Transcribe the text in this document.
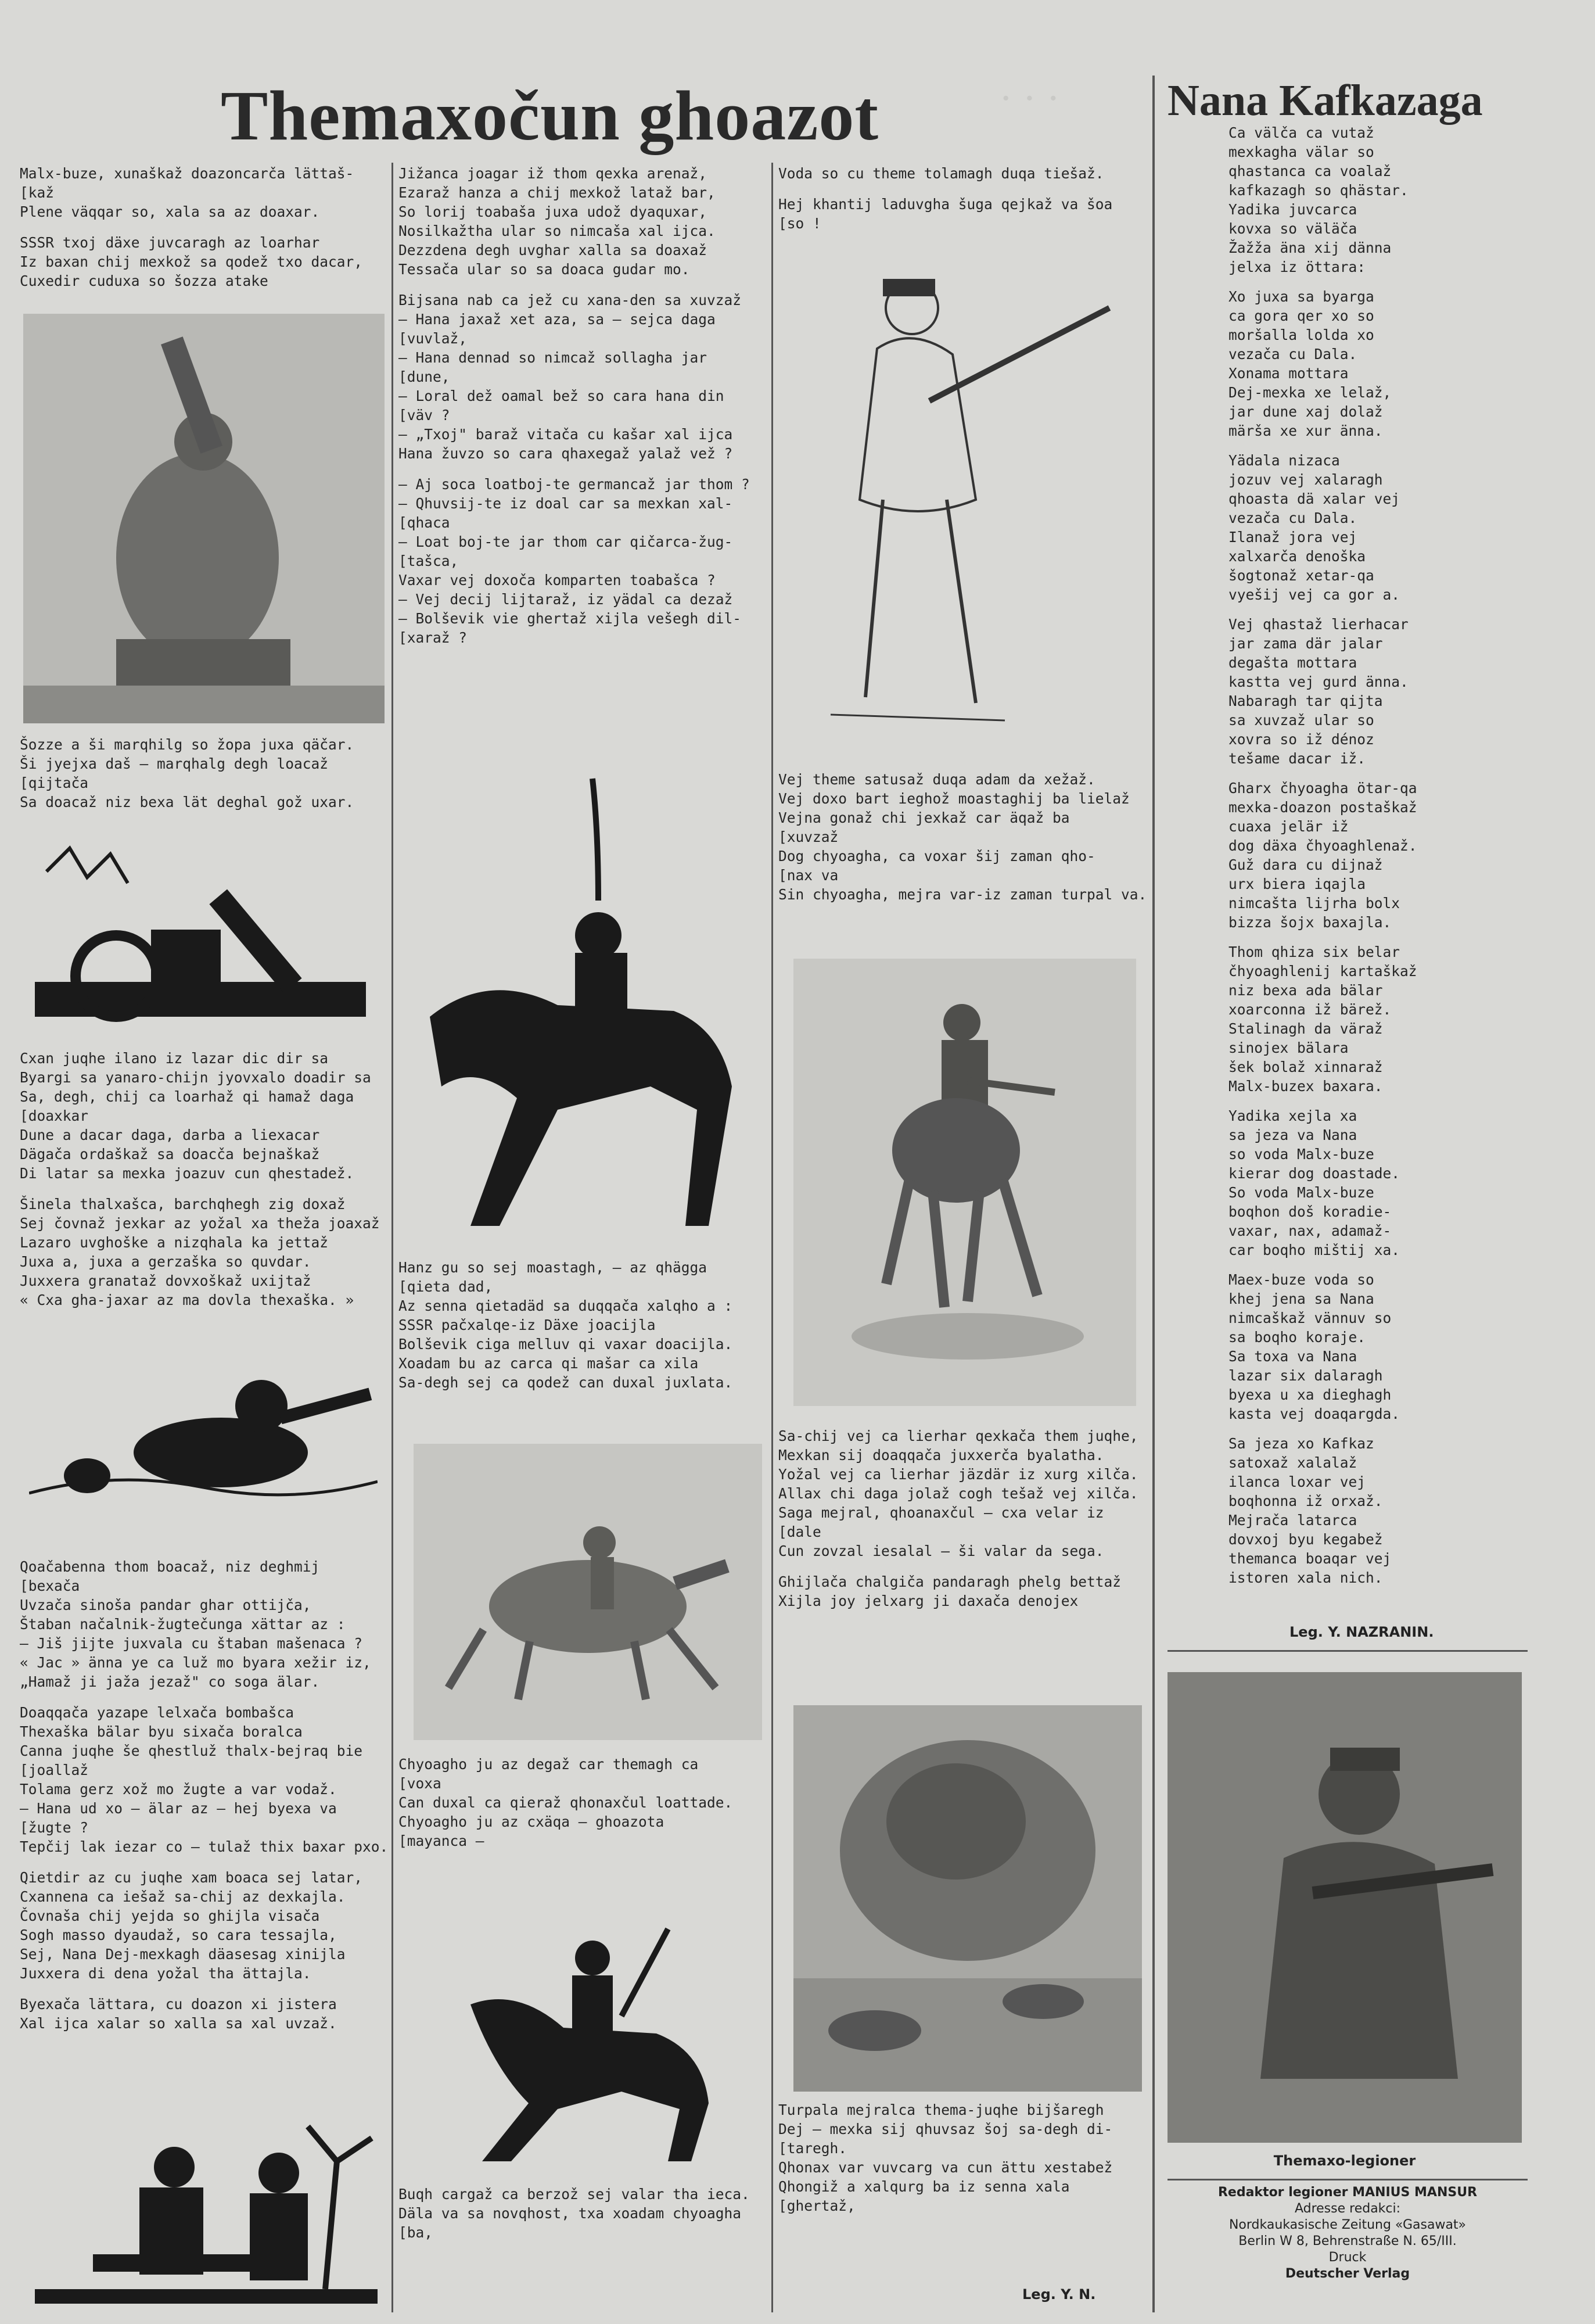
· · ·
Themaxočun ghoazot	Nana Kafkazaga

Malx-buze, xunaškaž doazoncarča lättaš-
[kaž
Plene väqqar so, xala sa az doaxar.

SSSR txoj däxe juvcaragh az loarhar
Iz baxan chij mexkož sa qodež txo dacar,
Cuxedir cuduxa so šozza atake

Šozze a ši marqhilg so žopa juxa qäčar.
Ši jyejxa daš — marqhalg degh loacaž
[qijtača
Sa doacaž niz bexa lät deghal gož uxar.

Cxan juqhe ilano iz lazar dic dir sa
Byargi sa yanaro-chijn jyovxalo doadir sa
Sa, degh, chij ca loarhaž qi hamaž daga
[doaxkar
Dune a dacar daga, darba a liexacar
Dägača ordaškaž sa doacča bejnaškaž
Di latar sa mexka joazuv cun qhestadež.

Šinela thalxašca, barchqhegh zig doxaž
Sej čovnaž jexkar az yožal xa theža joaxaž
Lazaro uvghoške a nizqhala ka jettaž
Juxa a, juxa a gerzaška so quvdar.
Juxxera granataž dovxoškaž uxijtaž
« Cxa gha-jaxar az ma dovla theхaška. »

Qoačabenna thom boacaž, niz deghmij
[bexača
Uvzača sinoša pandar ghar ottijča,
Štaban načalnik-žugtečunga xättar az :
— Jiš jijte juxvala cu štaban mašenaca ?
« Jac » änna ye ca luž mo byara xežir iz,
„Hamaž ji jaža jezaž" co soga älar.

Doaqqača yazape lelxača bombašca
Thexaška bälar byu sixača boralca
Canna juqhe še qhestluž thalx-bejraq bie
[joallaž
Tolama gerz xož mo žugte a var vodaž.
— Hana ud xo — älar az — hej byexa va
[žugte ?
Tepčij lak iezar co — tulaž thix baxar pxo.

Qietdir az cu juqhe xam boaca sej latar,
Cxannena ca iešaž sa-chij az dexkajla.
Čovnaša chij yejda so ghijla visača
Sogh masso dyaudaž, so cara tessajla,
Sej, Nana Dej-mexkagh däasesag xinijla
Juxxera di dena yožal tha ättajla.

Byexača lättara, cu doazon xi jistera
Xal ijca xalar so xalla sa xal uvzaž.

Jižanca joagar iž thom qexka arenaž,
Ezaraž hanza a chij mexkož lataž bar,
So lorij toabaša juxa udož dyaquxar,
Nosilkažtha ular so nimcaša xal ijca.
Dezzdena degh uvghar xalla sa doaxaž
Tessača ular so sa doaca gudar mo.

Bijsana nab ca jež cu xana-den sa xuvzaž
— Hana jaxaž xet aza, sa — sejca daga
[vuvlaž,
— Hana dennad so nimcaž sollagha jar
[dune,
— Loral dež oamal bež so cara hana din
[väv ?
— „Txoj" baraž vitača cu kašar xal ijca
Hana žuvzo so cara qhaxegaž yalaž vež ?

— Aj soca loatboj-te germancaž jar thom ?
— Qhuvsij-te iz doal car sa mexkan xal-
[qhaca
— Loat boj-te jar thom car qičarca-žug-
[tašca,
Vaxar vej doxoča komparten toabašca ?
— Vej decij lijtaraž, iz yädal ca dezaž
— Bolševik vie ghertaž xijla vešegh dil-
[xaraž ?

Hanz gu so sej moastagh, — az qhägga
[qieta dad,
Az senna qietadäd sa duqqača xalqho a :
SSSR pačxalqe-iz Däxe joacijla
Bolševik ciga melluv qi vaxar doacijla.
Xoadam bu az carca qi mašar ca xila
Sa-degh sej ca qodež can duxal juxlata.

Chyoagho ju az degaž car themagh ca
[voxa
Can duxal ca qieraž qhonaxčul loattade.
Chyoagho ju az cxäqa — ghoazota
[mayanca —

Buqh cargaž ca berzož sej valar tha ieca.
Däla va sa novqhost, txa xoadam chyoagha
[ba,

Voda so cu theme tolamagh duqa tiešaž.

Hej khantij laduvgha šuga qejkaž va šoa
[so !

Vej theme satusaž duqa adam da xežaž.
Vej doxo bart ieghož moastaghij ba lielaž
Vejna gonaž chi jexkaž car äqaž ba
[xuvzaž
Dog chyoagha, ca voxar šij zaman qho-
[nax va
Sin chyoagha, mejra var-iz zaman turpal va.

Sa-chij vej ca lierhar qexkača them juqhe,
Mexkan sij doaqqača juxxerča byalatha.
Yožal vej ca lierhar jäzdär iz xurg xilča.
Allax chi daga jolaž cogh tešaž vej xilča.
Saga mejral, qhoanaxčul — cxa velar iz
[dale
Cun zovzal iesalal — ši valar da sega.

Ghijlača chalgiča pandaragh phelg bettaž
Xijla joy jelxarg ji daxača denojex

Turpala mejralca thema-juqhe bijšaregh
Dej — mexka sij qhuvsaz šoj sa-degh di-
[taregh.
Qhonax var vuvcarg va cun ättu xestabež
Qhongiž a xalqurg ba iz senna xala
[ghertaž,

Leg. Y. N.

Ca välča ca vutaž
mexkagha välar so
qhastanca ca voalaž
kafkazagh so qhästar.
Yadika juvcarca
kovxa so väläča
Žažža äna xij dänna
jelxa iz öttara:

Xo juxa sa byarga
ca gora qer xo so
moršalla lolda xo
vezača cu Dala.
Xonama mottara
Dej-mexka xe lelaž,
jar dune xaj dolaž
märša xe xur änna.

Yädala nizaca
jozuv vej xalaragh
qhoasta dä xalar vej
vezača cu Dala.
Ilanaž jora vej
xalxarča denoška
šogtonaž xetar-qa
vyešij vej ca gor a.

Vej qhastaž lierhacar
jar zama där jalar
degašta mottara
kastta vej gurd änna.
Nabaragh tar qijta
sa xuvzaž ular so
xovra so iž dénoz
tešame dacar iž.

Gharx čhyoagha ötar-qa
mexka-doazon postaškaž
cuaxa jelär iž
dog däxa čhyoaghlenaž.
Guž dara cu dijnaž
urx biera iqajla
nimcašta lijrha bolx
bizza šojx baxajla.

Thom qhiza six belar
čhyoaghlenij kartaškaž
niz bexa ada bälar
xoarconna iž bärež.
Stalinagh da väraž
sinojex bälara
šek bolaž xinnaraž
Malx-buzeх baxara.

Yadika xejla xa
sa jeza va Nana
so voda Malx-buze
kierar dog doastade.
So voda Malx-buze
boqhon doš koradie-
vaxar, nax, adamaž-
car boqho mištij xa.

Maex-buze voda so
khej jena sa Nana
nimcaškaž vännuv so
sa boqho koraje.
Sa toxa va Nana
lazar six dalaragh
byexa u xa dieghagh
kasta vej doaqargda.

Sa jeza xo Kafkaz
satoxaž xalalaž
ilanca loxar vej
boqhonna iž orxaž.
Mejrača latarca
dovxoj byu kegabež
themanca boaqar vej
istoren xala nich.

Leg. Y. NAZRANIN.
Themaxo-legioner
Redaktor legioner MANIUS MANSUR
Adresse redakci:
Nordkaukasische Zeitung «Gasawat»
Berlin W 8, Behrenstraße N. 65/III.
Druck
Deutscher Verlag
